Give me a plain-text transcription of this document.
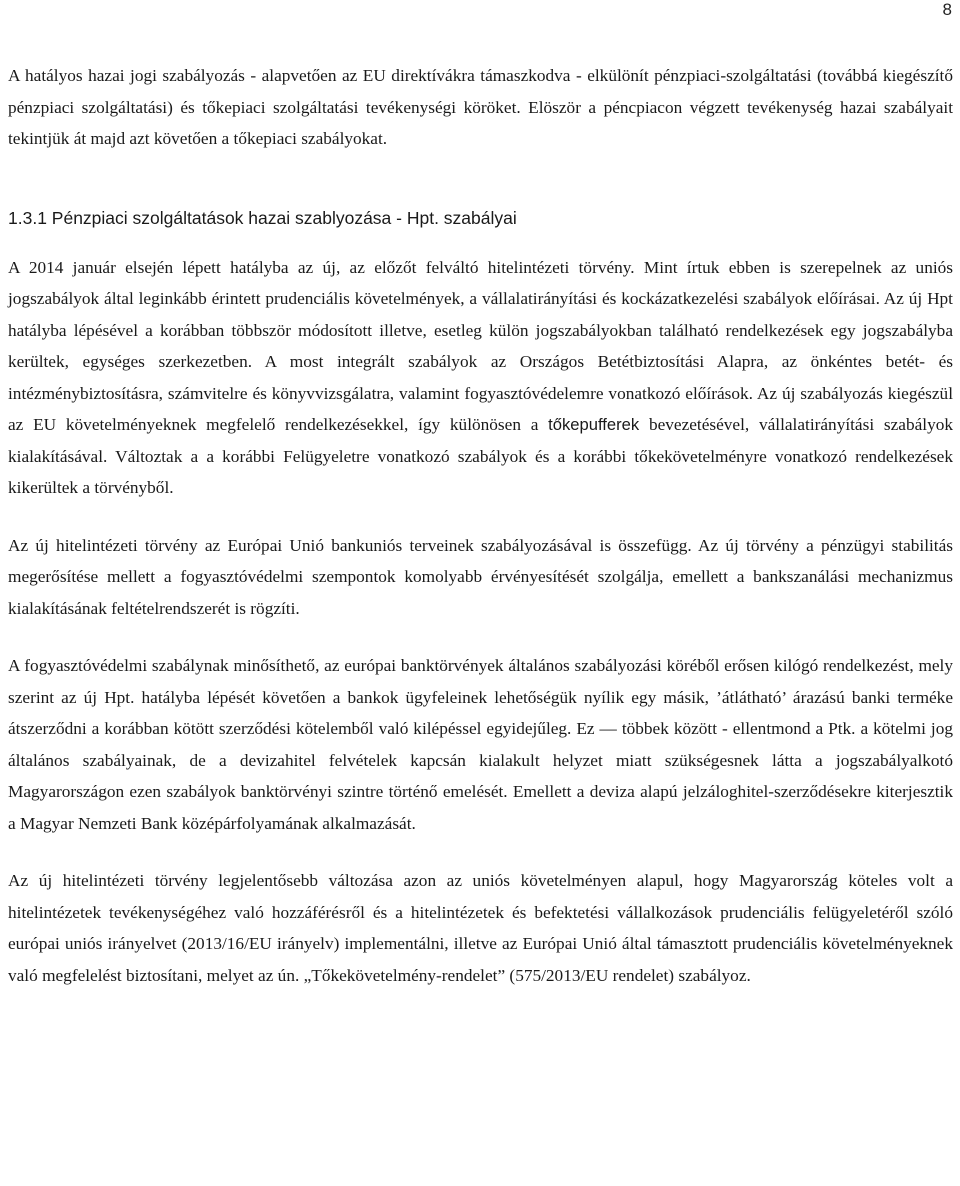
8

A hatályos hazai jogi szabályozás - alapvetően az EU direktívákra támaszkodva - elkülönít pénzpiaci-szolgáltatási (továbbá kiegészítő pénzpiaci szolgáltatási) és tőkepiaci szolgáltatási tevékenységi köröket. Elöször a péncpiacon végzett tevékenység hazai szabályait tekintjük át majd azt követően a tőkepiaci szabályokat.

1.3.1 Pénzpiaci szolgáltatások hazai szablyozása - Hpt. szabályai

A 2014 január elsején lépett hatályba az új, az előzőt felváltó hitelintézeti törvény. Mint írtuk ebben is szerepelnek az uniós jogszabályok által leginkább érintett prudenciális követelmények, a vállalatirányítási és kockázatkezelési szabályok előírásai. Az új Hpt hatályba lépésével a korábban többször módosított illetve, esetleg külön jogszabályokban található rendelkezések egy jogszabályba kerültek, egységes szerkezetben. A most integrált szabályok az Országos Betétbiztosítási Alapra, az önkéntes betét- és intézménybiztosításra, számvitelre és könyvvizsgálatra, valamint fogyasztóvédelemre vonatkozó előírások. Az új szabályozás kiegészül az EU követelményeknek megfelelő rendelkezésekkel, így különösen a tőkepufferek bevezetésével, vállalatirányítási szabályok kialakításával. Változtak a a korábbi Felügyeletre vonatkozó szabályok és a korábbi tőkekövetelményre vonatkozó rendelkezések kikerültek a törvényből.

Az új hitelintézeti törvény az Európai Unió bankuniós terveinek szabályozásával is összefügg. Az új törvény a pénzügyi stabilitás megerősítése mellett a fogyasztóvédelmi szempontok komolyabb érvényesítését szolgálja, emellett a bankszanálási mechanizmus kialakításának feltételrendszerét is rögzíti.

A fogyasztóvédelmi szabálynak minősíthető, az európai banktörvények általános szabályozási köréből erősen kilógó rendelkezést, mely szerint az új Hpt. hatályba lépését követően a bankok ügyfeleinek lehetőségük nyílik egy másik, ’átlátható’ árazású banki terméke átszerződni a korábban kötött szerződési kötelemből való kilépéssel egyidejűleg. Ez — többek között - ellentmond a Ptk. a kötelmi jog általános szabályainak, de a devizahitel felvételek kapcsán kialakult helyzet miatt szükségesnek látta a jogszabályalkotó Magyarországon ezen szabályok banktörvényi szintre történő emelését. Emellett a deviza alapú jelzáloghitel-szerződésekre kiterjesztik a Magyar Nemzeti Bank középárfolyamának alkalmazását.

Az új hitelintézeti törvény legjelentősebb változása azon az uniós követelményen alapul, hogy Magyarország köteles volt a hitelintézetek tevékenységéhez való hozzáférésről és a hitelintézetek és befektetési vállalkozások prudenciális felügyeletéről szóló európai uniós irányelvet (2013/16/EU irányelv) implementálni, illetve az Európai Unió által támasztott prudenciális követelményeknek való megfelelést biztosítani, melyet az ún. „Tőkekövetelmény-rendelet” (575/2013/EU rendelet) szabályoz.
